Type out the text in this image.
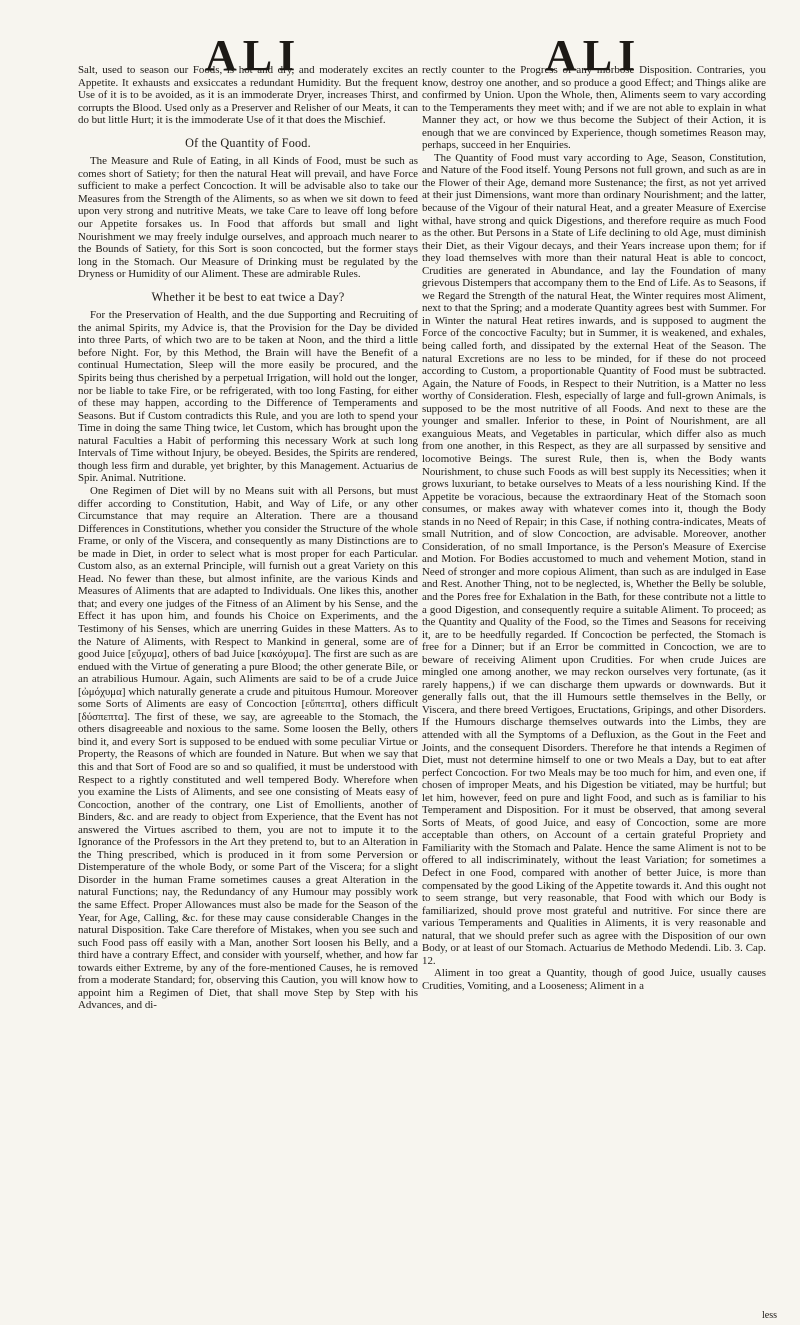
ALI	ALI

Salt, used to season our Foods, is hot and dry, and moderately excites an Appetite. It exhausts and exsiccates a redundant Humidity. But the frequent Use of it is to be avoided, as it is an immoderate Dryer, increases Thirst, and corrupts the Blood. Used only as a Preserver and Relisher of our Meats, it can do but little Hurt; it is the immoderate Use of it that does the Mischief.

Of the Quantity of Food.

The Measure and Rule of Eating, in all Kinds of Food, must be such as comes short of Satiety; for then the natural Heat will prevail, and have Force sufficient to make a perfect Concoction. It will be advisable also to take our Measures from the Strength of the Aliments, so as when we sit down to feed upon very strong and nutritive Meats, we take Care to leave off long before our Appetite forsakes us. In Food that affords but small and light Nourishment we may freely indulge ourselves, and approach much nearer to the Bounds of Satiety, for this Sort is soon concocted, but the former stays long in the Stomach. Our Measure of Drinking must be regulated by the Dryness or Humidity of our Aliment. These are admirable Rules.

Whether it be best to eat twice a Day?

For the Preservation of Health, and the due Supporting and Recruiting of the animal Spirits, my Advice is, that the Provision for the Day be divided into three Parts, of which two are to be taken at Noon, and the third a little before Night. For, by this Method, the Brain will have the Benefit of a continual Humectation, Sleep will the more easily be procured, and the Spirits being thus cherished by a perpetual Irrigation, will hold out the longer, nor be liable to take Fire, or be refrigerated, with too long Fasting, for either of these may happen, according to the Difference of Temperaments and Seasons. But if Custom contradicts this Rule, and you are loth to spend your Time in doing the same Thing twice, let Custom, which has brought upon the natural Faculties a Habit of performing this necessary Work at such long Intervals of Time without Injury, be obeyed. Besides, the Spirits are rendered, though less firm and durable, yet brighter, by this Management. Actuarius de Spir. Animal. Nutritione.

One Regimen of Diet will by no Means suit with all Persons, but must differ according to Constitution, Habit, and Way of Life, or any other Circumstance that may require an Alteration. There are a thousand Differences in Constitutions, whether you consider the Structure of the whole Frame, or only of the Viscera, and consequently as many Distinctions are to be made in Diet, in order to select what is most proper for each Particular. Custom also, as an external Principle, will furnish out a great Variety on this Head. No fewer than these, but almost infinite, are the various Kinds and Measures of Aliments that are adapted to Individuals. One likes this, another that; and every one judges of the Fitness of an Aliment by his Sense, and the Effect it has upon him, and founds his Choice on Experiments, and the Testimony of his Senses, which are unerring Guides in these Matters. As to the Nature of Aliments, with Respect to Mankind in general, some are of good Juice [εὔχυμα], others of bad Juice [κακόχυμα]. The first are such as are endued with the Virtue of generating a pure Blood; the other generate Bile, or an atrabilious Humour. Again, such Aliments are said to be of a crude Juice [ὠμόχυμα] which naturally generate a crude and pituitous Humour. Moreover some Sorts of Aliments are easy of Concoction [εὔπεπτα], others difficult [δύσπεπτα]. The first of these, we say, are agreeable to the Stomach, the others disagreeable and noxious to the same. Some loosen the Belly, others bind it, and every Sort is supposed to be endued with some peculiar Virtue or Property, the Reasons of which are founded in Nature. But when we say that this and that Sort of Food are so and so qualified, it must be understood with Respect to a rightly constituted and well tempered Body. Wherefore when you examine the Lists of Aliments, and see one consisting of Meats easy of Concoction, another of the contrary, one List of Emollients, another of Binders, &c. and are ready to object from Experience, that the Event has not answered the Virtues ascribed to them, you are not to impute it to the Ignorance of the Professors in the Art they pretend to, but to an Alteration in the Thing prescribed, which is produced in it from some Perversion or Distemperature of the whole Body, or some Part of the Viscera; for a slight Disorder in the human Frame sometimes causes a great Alteration in the natural Functions; nay, the Redundancy of any Humour may possibly work the same Effect. Proper Allowances must also be made for the Season of the Year, for Age, Calling, &c. for these may cause considerable Changes in the natural Disposition. Take Care therefore of Mistakes, when you see such and such Food pass off easily with a Man, another Sort loosen his Belly, and a third have a contrary Effect, and consider with yourself, whether, and how far towards either Extreme, by any of the fore-mentioned Causes, he is removed from a moderate Standard; for, observing this Caution, you will know how to appoint him a Regimen of Diet, that shall move Step by Step with his Advances, and di-

rectly counter to the Progress of any morbose Disposition. Contraries, you know, destroy one another, and so produce a good Effect; and Things alike are confirmed by Union. Upon the Whole, then, Aliments seem to vary according to the Temperaments they meet with; and if we are not able to explain in what Manner they act, or how we thus become the Subject of their Action, it is enough that we are convinced by Experience, though sometimes Reason may, perhaps, succeed in her Enquiries.

The Quantity of Food must vary according to Age, Season, Constitution, and Nature of the Food itself. Young Persons not full grown, and such as are in the Flower of their Age, demand more Sustenance; the first, as not yet arrived at their just Dimensions, want more than ordinary Nourishment; and the latter, because of the Vigour of their natural Heat, and a greater Measure of Exercise withal, have strong and quick Digestions, and therefore require as much Food as the other. But Persons in a State of Life declining to old Age, must diminish their Diet, as their Vigour decays, and their Years increase upon them; for if they load themselves with more than their natural Heat is able to concoct, Crudities are generated in Abundance, and lay the Foundation of many grievous Distempers that accompany them to the End of Life. As to Seasons, if we Regard the Strength of the natural Heat, the Winter requires most Aliment, next to that the Spring; and a moderate Quantity agrees best with Summer. For in Winter the natural Heat retires inwards, and is supposed to augment the Force of the concoctive Faculty; but in Summer, it is weakened, and exhales, being called forth, and dissipated by the external Heat of the Season. The natural Excretions are no less to be minded, for if these do not proceed according to Custom, a proportionable Quantity of Food must be subtracted. Again, the Nature of Foods, in Respect to their Nutrition, is a Matter no less worthy of Consideration. Flesh, especially of large and full-grown Animals, is supposed to be the most nutritive of all Foods. And next to these are the younger and smaller. Inferior to these, in Point of Nourishment, are all exanguious Meats, and Vegetables in particular, which differ also as much from one another, in this Respect, as they are all surpassed by sensitive and locomotive Beings. The surest Rule, then is, when the Body wants Nourishment, to chuse such Foods as will best supply its Necessities; when it grows luxuriant, to betake ourselves to Meats of a less nourishing Kind. If the Appetite be voracious, because the extraordinary Heat of the Stomach soon consumes, or makes away with whatever comes into it, though the Body stands in no Need of Repair; in this Case, if nothing contra-indicates, Meats of small Nutrition, and of slow Concoction, are advisable. Moreover, another Consideration, of no small Importance, is the Person's Measure of Exercise and Motion. For Bodies accustomed to much and vehement Motion, stand in Need of stronger and more copious Aliment, than such as are indulged in Ease and Rest. Another Thing, not to be neglected, is, Whether the Belly be soluble, and the Pores free for Exhalation in the Bath, for these contribute not a little to a good Digestion, and consequently require a suitable Aliment. To proceed; as the Quantity and Quality of the Food, so the Times and Seasons for receiving it, are to be heedfully regarded. If Concoction be perfected, the Stomach is free for a Dinner; but if an Error be committed in Concoction, we are to beware of receiving Aliment upon Crudities. For when crude Juices are mingled one among another, we may reckon ourselves very fortunate, (as it rarely happens,) if we can discharge them upwards or downwards. But it generally falls out, that the ill Humours settle themselves in the Belly, or Viscera, and there breed Vertigoes, Eructations, Gripings, and other Disorders. If the Humours discharge themselves outwards into the Limbs, they are attended with all the Symptoms of a Defluxion, as the Gout in the Feet and Joints, and the consequent Disorders. Therefore he that intends a Regimen of Diet, must not determine himself to one or two Meals a Day, but to eat after perfect Concoction. For two Meals may be too much for him, and even one, if chosen of improper Meats, and his Digestion be vitiated, may be hurtful; but let him, however, feed on pure and light Food, and such as is familiar to his Temperament and Disposition. For it must be observed, that among several Sorts of Meats, of good Juice, and easy of Concoction, some are more acceptable than others, on Account of a certain grateful Propriety and Familiarity with the Stomach and Palate. Hence the same Aliment is not to be offered to all indiscriminately, without the least Variation; for sometimes a Defect in one Food, compared with another of better Juice, is more than compensated by the good Liking of the Appetite towards it. And this ought not to seem strange, but very reasonable, that Food with which our Body is familiarized, should prove most grateful and nutritive. For since there are various Temperaments and Qualities in Aliments, it is very reasonable and natural, that we should prefer such as agree with the Disposition of our own Body, or at least of our Stomach. Actuarius de Methodo Medendi. Lib. 3. Cap. 12.

Aliment in too great a Quantity, though of good Juice, usually causes Crudities, Vomiting, and a Looseness; Aliment in a

less
